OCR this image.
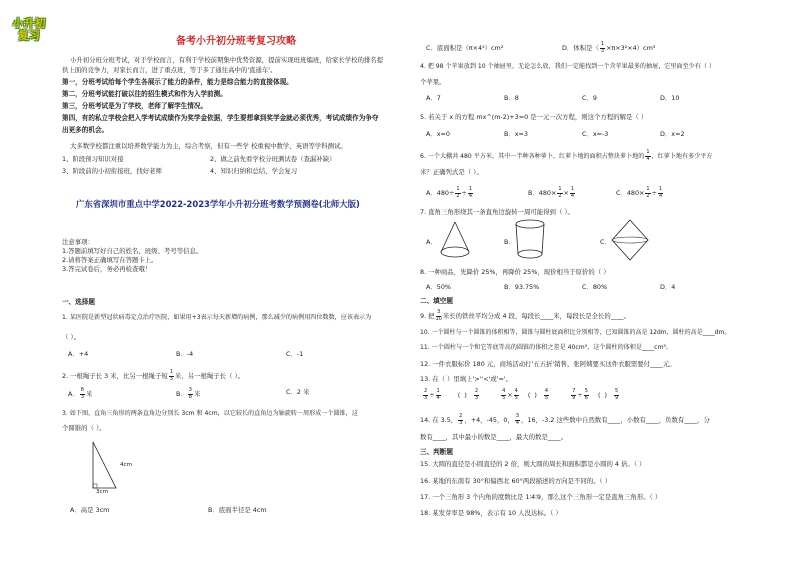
小升初
复习	备考小升初分班考复习攻略
小升初分班分班考试，对于学校而言，有利于学校前期集中优势资源，提前实现班班编班，给家长学校的排名提
供上面的竞争力，对家长而言，进了重点班，等于多了通往高中的'直通车'。
第一，分班考试给每个学生各展示了能力的条件，能力是综合能力的直接体现。
第二，分班考试能打破以往的招生模式和作为入学前测。
第三，分班考试是为了学校，老师了解学生情况。
第四，有的私立学校会把入学考试成绩作为奖学金依据，学生要想拿到奖学金就必须优秀，考试成绩作为争夺
出更多的机会。
大多数学校都注重以培养数学能力为主，综合考察，但有一些学 校重视中数学、英语等学科测试。
1、阶段预习知识对接	2、做之前先看学校分班测试卷（查漏补缺）
3、阶段前的小初衔接班，找好老师	4、知识归纳和总结，学会复习
广东省深圳市重点中学2022-2023学年小升初分班考数学预测卷(北师大版)
注意事项：
1.答题前填写好自己的姓名、班级、考号等信息。
2.请将答案正确填写在答题卡上。
3.答完试卷后，务必再检查哦！
一、选择题
1. 某医院是新型冠状病毒定点治疗医院，如果用+3表示每天新增的病例，那么减少的病例用四位数数，应该表示为
（ ）。
A．+4	B．-4	C．-1
2. 一根绳子长 3 米，比另一根绳子短 $\frac{1}{3}$ 米，另一根绳子长（ ）。
A． $\frac{8}{3}$ 米	B． $\frac{3}{8}$ 米	C．2 米
3. 如下图，直角三角形的两条直角边分别长 3cm 和 4cm，以它较长的直角边为轴旋转一周形成一个圆锥，这
个圆锥的（ ）。
4cm
3cm
A．高是 3cm	B．底面半径是 4cm
C．底面积是（π×4²）cm²	D．体积是（ $\frac{1}{3} \times\pi\times 3^2\times 4)cm^3$
4. 把 98 个苹果放到 10 个抽屉里，无论怎么放，我们一定能找到一个含苹果最多的抽屉，它里面至少有（ ）
个苹果。
A．7	B．8	C．9	D．10
5. 若关于 x 的方程 mx^(m-2)+3=0 是一元一次方程，则这个方程的解是（ ）
A．x=0	B．x=3	C．x=-3	D．x=2
6. 一个大棚共 480 平方米，其中一半种各种萝卜，红萝卜地的面积占整块萝卜地的 $\frac{1}{4}$ ，红萝卜地有多少平方
米？正确列式是（ ）。
A．$480\div \frac{1}{2} \div \frac{1}{4}$	B．$480\times \frac{1}{2} \times \frac{1}{4}$	C．$480\times \frac{1}{2} \div \frac{1}{4}$
7. 直角三角形绕其一条直角边旋转一周可能得到（ ）。
A．	B．	C．
8. 一种商品，先降价 25%，再降价 25%，现价相当于原价的（ ）
A．50%	B．93.75%	C．80%	D．4
二、填空题
9. 把 $\frac{3}{10}$ 米长的铁丝平均分成 4 段，每段长____米，每段长是全长的____。
10. 一个圆柱与一个圆锥的体积相等，圆锥与圆柱底面积比分别相等，已知圆锥的高是 12dm，圆柱的高是____dm。
11. 一个圆柱与一个和它等底等高的圆锥的体积之差是 40cm³，这个圆柱的体积是____cm³。
12. 一件衣服标价 180 元，商场活动打'五五折'销售，张阿姨要买这件衣服需要付____元。
13. 在（ ）里填上'>''<'或'='。
$\frac{2}{3} \div \frac{1}{4}$	(  ) $\frac{2}{3}$
	$\frac{4}{5} \times \frac{4}{5}$ (  ) $\frac{4}{5}$
	$\frac{7}{9} \div \frac{5}{6}$ (  ) $\frac{5}{9}$
14. 在 3.5， $\frac{2}{3}$ ，+4，-45，0， $\frac{3}{4}$ ，16，-3.2 这些数中自然数有____，小数有____，负数有____，分
数有____，其中最小的数是____，最大的数是____。
三、判断题
15. 大圆的直径是小圆直径的 2 倍，则大圆的周长和面积都是小圆的 4 倍。（ ）
16. 某地的东南有 30°和偏西北 60°两段描述的方向是不同的。（ ）
17. 一个三角形 3 个内角的度数比是 1∶4∶9，那么这个三角形一定是直角三角形。（ ）
18. 某发芽率是 98%，表示有 10 人没达标。（ ）
